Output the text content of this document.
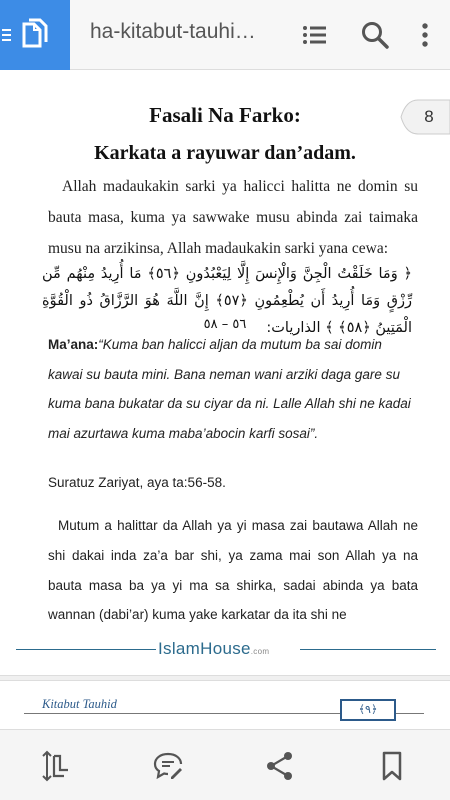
ha-kitabut-tauhi…
8
Fasali Na Farko:
Karkata a rayuwar dan’adam.
Allah madaukakin sarki ya halicci halitta ne domin su bauta masa, kuma ya sawwake musu abinda zai taimaka musu na arzikinsa, Allah madaukakin sarki yana cewa:
﴿ وَمَا خَلَقْتُ الْجِنَّ وَالْإِنسَ إِلَّا لِيَعْبُدُونِ ﴿٥٦﴾ مَا أُرِيدُ مِنْهُم مِّن رِّزْقٍ وَمَا أُرِيدُ أَن يُطْعِمُونِ ﴿٥٧﴾ إِنَّ اللَّهَ هُوَ الرَّزَّاقُ ذُو الْقُوَّةِ الْمَتِينُ ﴿٥٨﴾ ﴾ الذاريات:
٥٦ – ٥٨
Ma’ana:“Kuma ban halicci aljan da mutum ba sai domin kawai su bauta mini. Bana neman wani arziki daga gare su kuma bana bukatar da su ciyar da ni. Lalle Allah shi ne kadai mai azurtawa kuma maba’abocin karfi sosai”.
Suratuz Zariyat, aya ta:56-58.
Mutum a halittar da Allah ya yi masa zai bautawa Allah ne shi dakai inda za’a bar shi, ya zama mai son Allah ya na bauta masa ba ya yi ma sa shirka, sadai abinda ya bata wannan (dabi’ar) kuma yake karkatar da ita shi ne
IslamHouse.com
Kitabut Tauhid	﴾٩﴿
